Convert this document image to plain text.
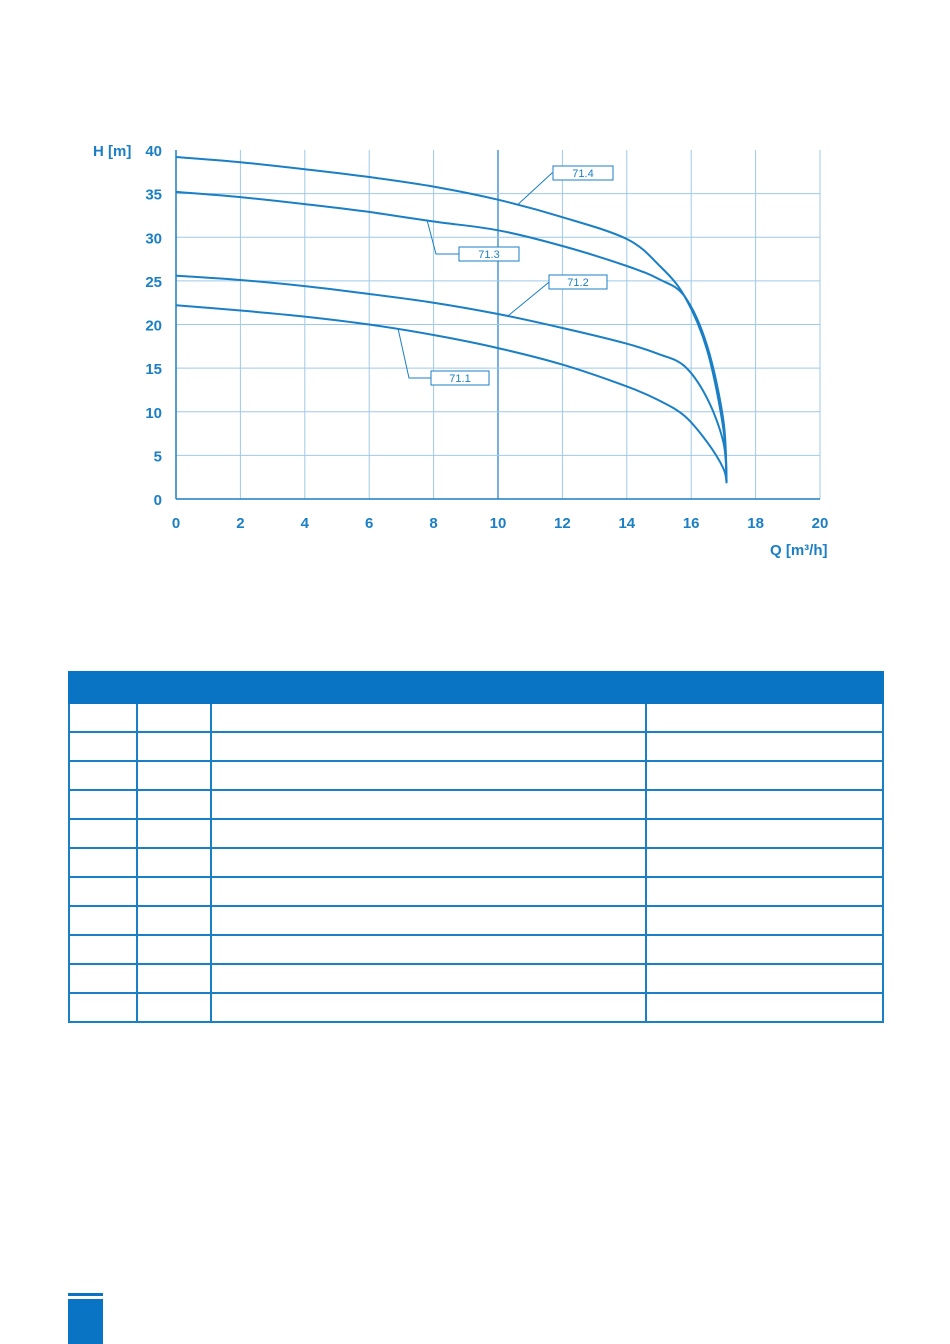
0	2	4	6	8	10	12	14	16	18	20
0
5
10
15
20
25
30
35
40
71.4
71.3
71.2
71.1
H [m]
Q [m³/h]
